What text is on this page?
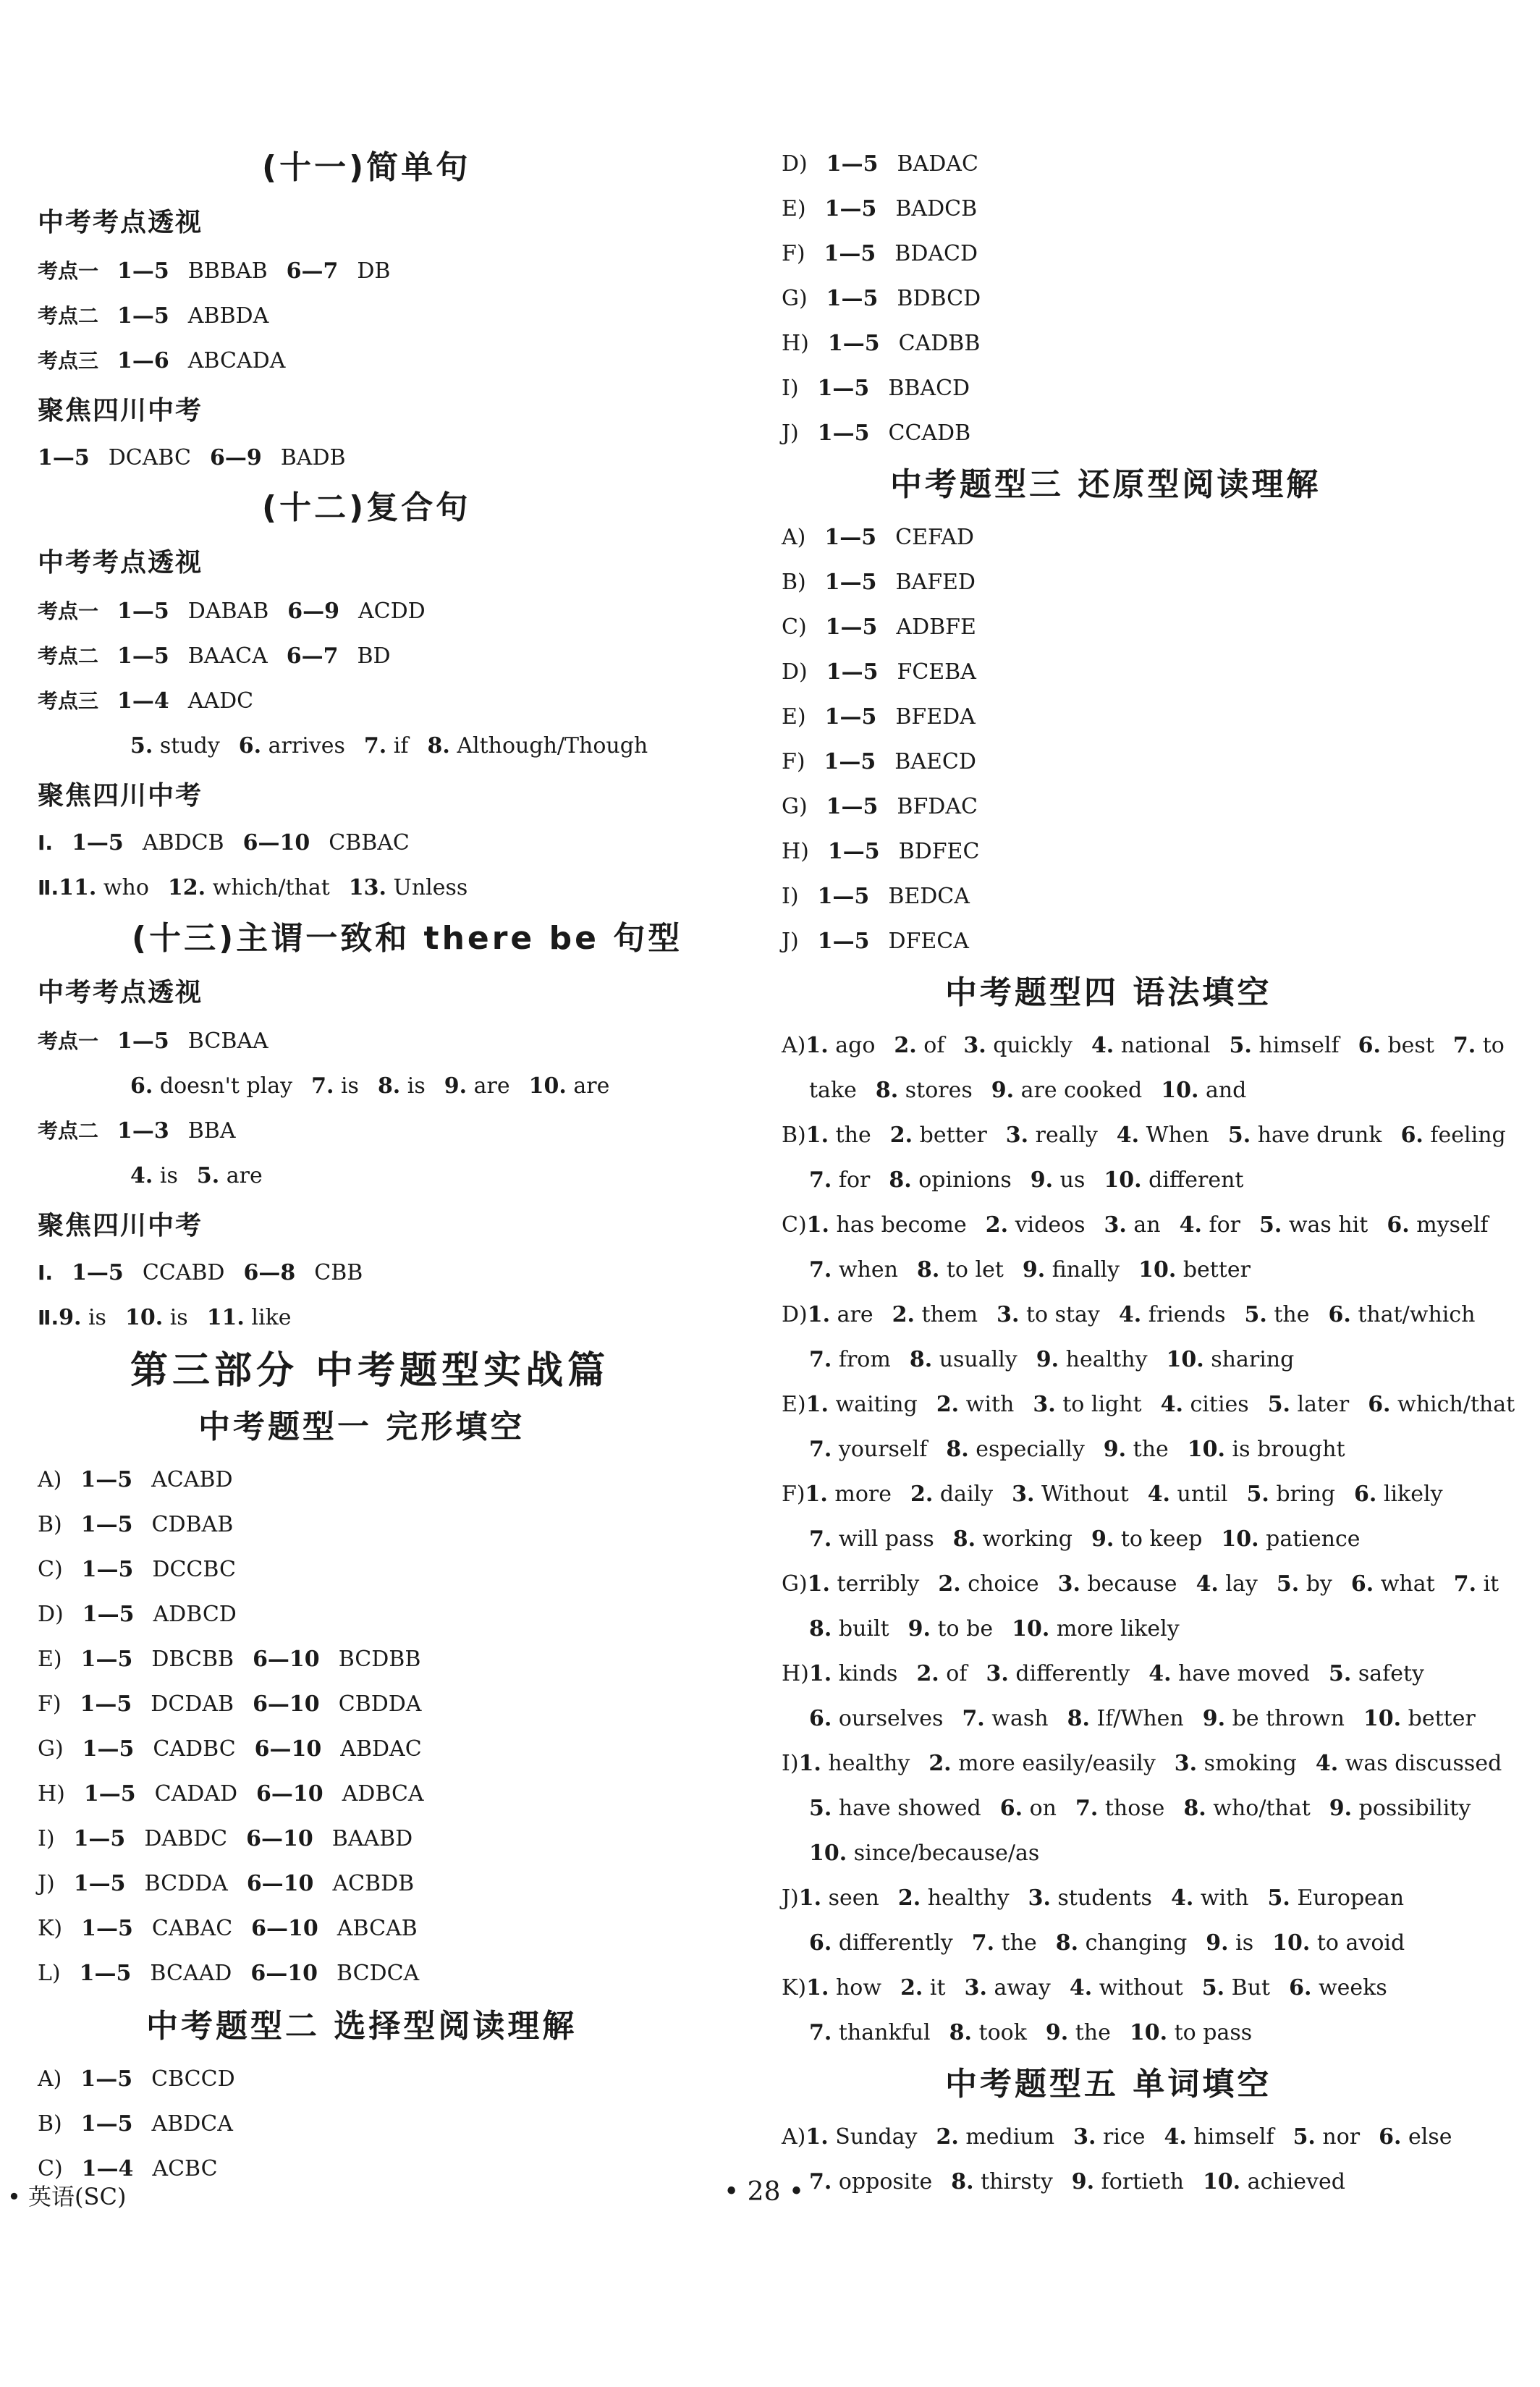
(十一)简单句
中考考点透视
考点一 1—5 BBBAB 6—7 DB
考点二 1—5 ABBDA
考点三 1—6 ABCADA
聚焦四川中考
1—5 DCABC 6—9 BADB
(十二)复合句
中考考点透视
考点一 1—5 DABAB 6—9 ACDD
考点二 1—5 BAACA 6—7 BD
考点三 1—4 AADC
5. study 6. arrives 7. if 8. Although/Though
聚焦四川中考
Ⅰ. 1—5 ABDCB 6—10 CBBAC
Ⅱ.11. who 12. which/that 13. Unless
(十三)主谓一致和 there be 句型
中考考点透视
考点一 1—5 BCBAA
6. doesn't play 7. is 8. is 9. are 10. are
考点二 1—3 BBA
4. is 5. are
聚焦四川中考
Ⅰ. 1—5 CCABD 6—8 CBB
Ⅱ.9. is 10. is 11. like
第三部分 中考题型实战篇
中考题型一 完形填空
A) 1—5 ACABD
B) 1—5 CDBAB
C) 1—5 DCCBC
D) 1—5 ADBCD
E) 1—5 DBCBB 6—10 BCDBB
F) 1—5 DCDAB 6—10 CBDDA
G) 1—5 CADBC 6—10 ABDAC
H) 1—5 CADAD 6—10 ADBCA
I) 1—5 DABDC 6—10 BAABD
J) 1—5 BCDDA 6—10 ACBDB
K) 1—5 CABAC 6—10 ABCAB
L) 1—5 BCAAD 6—10 BCDCA
中考题型二 选择型阅读理解
A) 1—5 CBCCD
B) 1—5 ABDCA
C) 1—4 ACBC
D) 1—5 BADAC
E) 1—5 BADCB
F) 1—5 BDACD
G) 1—5 BDBCD
H) 1—5 CADBB
I) 1—5 BBACD
J) 1—5 CCADB
中考题型三 还原型阅读理解
A) 1—5 CEFAD
B) 1—5 BAFED
C) 1—5 ADBFE
D) 1—5 FCEBA
E) 1—5 BFEDA
F) 1—5 BAECD
G) 1—5 BFDAC
H) 1—5 BDFEC
I) 1—5 BEDCA
J) 1—5 DFECA
中考题型四 语法填空
A)1. ago 2. of 3. quickly 4. national 5. himself 6. best 7. to
take 8. stores 9. are cooked 10. and
B)1. the 2. better 3. really 4. When 5. have drunk 6. feeling
7. for 8. opinions 9. us 10. different
C)1. has become 2. videos 3. an 4. for 5. was hit 6. myself
7. when 8. to let 9. finally 10. better
D)1. are 2. them 3. to stay 4. friends 5. the 6. that/which
7. from 8. usually 9. healthy 10. sharing
E)1. waiting 2. with 3. to light 4. cities 5. later 6. which/that
7. yourself 8. especially 9. the 10. is brought
F)1. more 2. daily 3. Without 4. until 5. bring 6. likely
7. will pass 8. working 9. to keep 10. patience
G)1. terribly 2. choice 3. because 4. lay 5. by 6. what 7. it
8. built 9. to be 10. more likely
H)1. kinds 2. of 3. differently 4. have moved 5. safety
6. ourselves 7. wash 8. If/When 9. be thrown 10. better
I)1. healthy 2. more easily/easily 3. smoking 4. was discussed
5. have showed 6. on 7. those 8. who/that 9. possibility
10. since/because/as
J)1. seen 2. healthy 3. students 4. with 5. European
6. differently 7. the 8. changing 9. is 10. to avoid
K)1. how 2. it 3. away 4. without 5. But 6. weeks
7. thankful 8. took 9. the 10. to pass
中考题型五 单词填空
A)1. Sunday 2. medium 3. rice 4. himself 5. nor 6. else
7. opposite 8. thirsty 9. fortieth 10. achieved
• 英语(SC)	• 28 •
